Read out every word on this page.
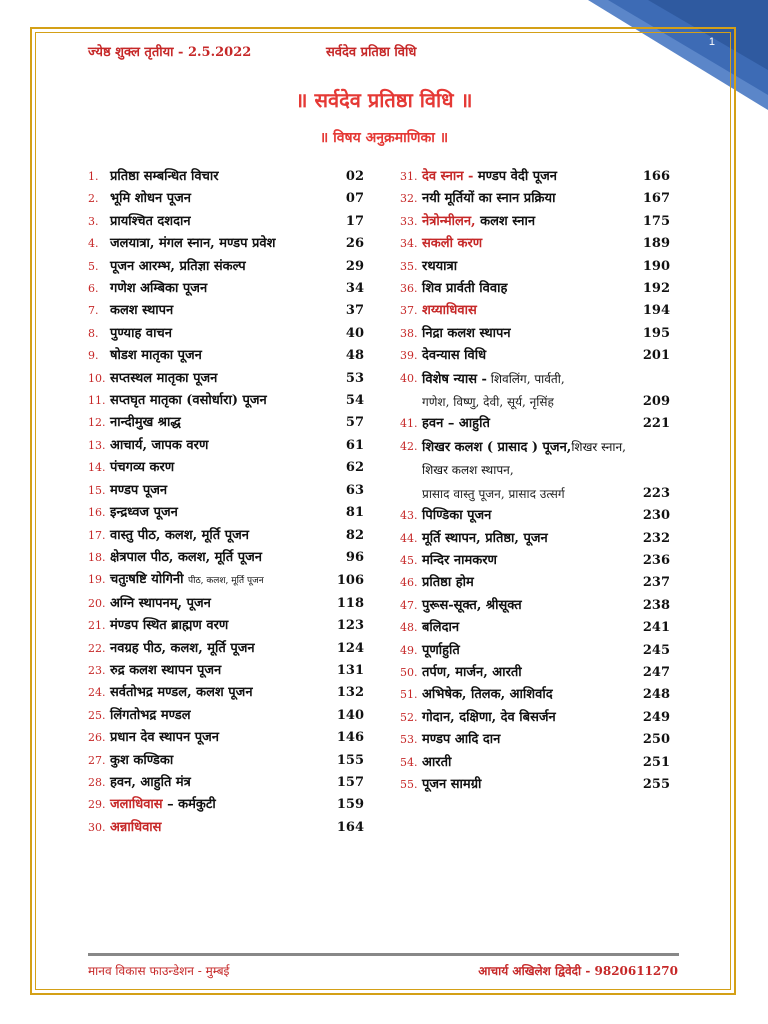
1
ज्येष्ठ शुक्ल तृतीया - 2.5.2022	सर्वदेव प्रतिष्ठा विधि
॥ सर्वदेव प्रतिष्ठा विधि ॥
॥ विषय अनुक्रमाणिका ॥
1. प्रतिष्ठा सम्बन्धित विचार	02
2. भूमि शोधन पूजन	07
3. प्रायश्चित दशदान	17
4. जलयात्रा, मंगल स्नान, मण्डप प्रवेश	26
5. पूजन आरम्भ, प्रतिज्ञा संकल्प	29
6. गणेश अम्बिका पूजन	34
7. कलश स्थापन	37
8. पुण्याह वाचन	40
9. षोडश मातृका पूजन	48
10. सप्तस्थल मातृका पूजन	53
11. सप्तघृत मातृका (वसोर्धारा) पूजन	54
12. नान्दीमुख श्राद्ध	57
13. आचार्य, जापक वरण	61
14. पंचगव्य करण	62
15. मण्डप पूजन	63
16. इन्द्रध्वज पूजन	81
17. वास्तु पीठ, कलश, मूर्ति पूजन	82
18. क्षेत्रपाल पीठ, कलश, मूर्ति पूजन	96
19. चतुःषष्टि योगिनी पीठ, कलश, मूर्ति पूजन	106
20. अग्नि स्थापनम्, पूजन	118
21. मंण्डप स्थित ब्राह्मण वरण	123
22. नवग्रह पीठ, कलश, मूर्ति पूजन	124
23. रुद्र कलश स्थापन पूजन	131
24. सर्वतोभद्र मण्डल, कलश पूजन	132
25. लिंगतोभद्र मण्डल	140
26. प्रधान देव स्थापन पूजन	146
27. कुश कण्डिका	155
28. हवन, आहुति मंत्र	157
29. जलाधिवास – कर्मकुटी	159
30. अन्नाधिवास	164
31. देव स्नान - मण्डप वेदी पूजन	166
32. नयी मूर्तियों का स्नान प्रक्रिया	167
33. नेत्रोन्मीलन, कलश स्नान	175
34. सकली करण	189
35. रथयात्रा	190
36. शिव प्रार्वती विवाह	192
37. शय्याधिवास	194
38. निद्रा कलश स्थापन	195
39. देवन्यास विधि	201
40. विशेष न्यास - शिवलिंग, पार्वती,
गणेश, विष्णु, देवी, सूर्य, नृसिंह	209
41. हवन – आहुति	221
42. शिखर कलश ( प्रासाद ) पूजन,शिखर स्नान, शिखर कलश स्थापन,
प्रासाद वास्तु पूजन, प्रासाद उत्सर्ग	223
43. पिण्डिका पूजन	230
44. मूर्ति स्थापन, प्रतिष्ठा, पूजन	232
45. मन्दिर नामकरण	236
46. प्रतिष्ठा होम	237
47. पुरूस-सूक्त, श्रीसूक्त	238
48. बलिदान	241
49. पूर्णाहुति	245
50. तर्पण, मार्जन, आरती	247
51. अभिषेक, तिलक, आशिर्वाद	248
52. गोदान, दक्षिणा, देव बिसर्जन	249
53. मण्डप आदि दान	250
54. आरती	251
55. पूजन सामग्री	255
मानव विकास फाउन्डेशन - मुम्बई	आचार्य अखिलेश द्विवेदी - 9820611270
